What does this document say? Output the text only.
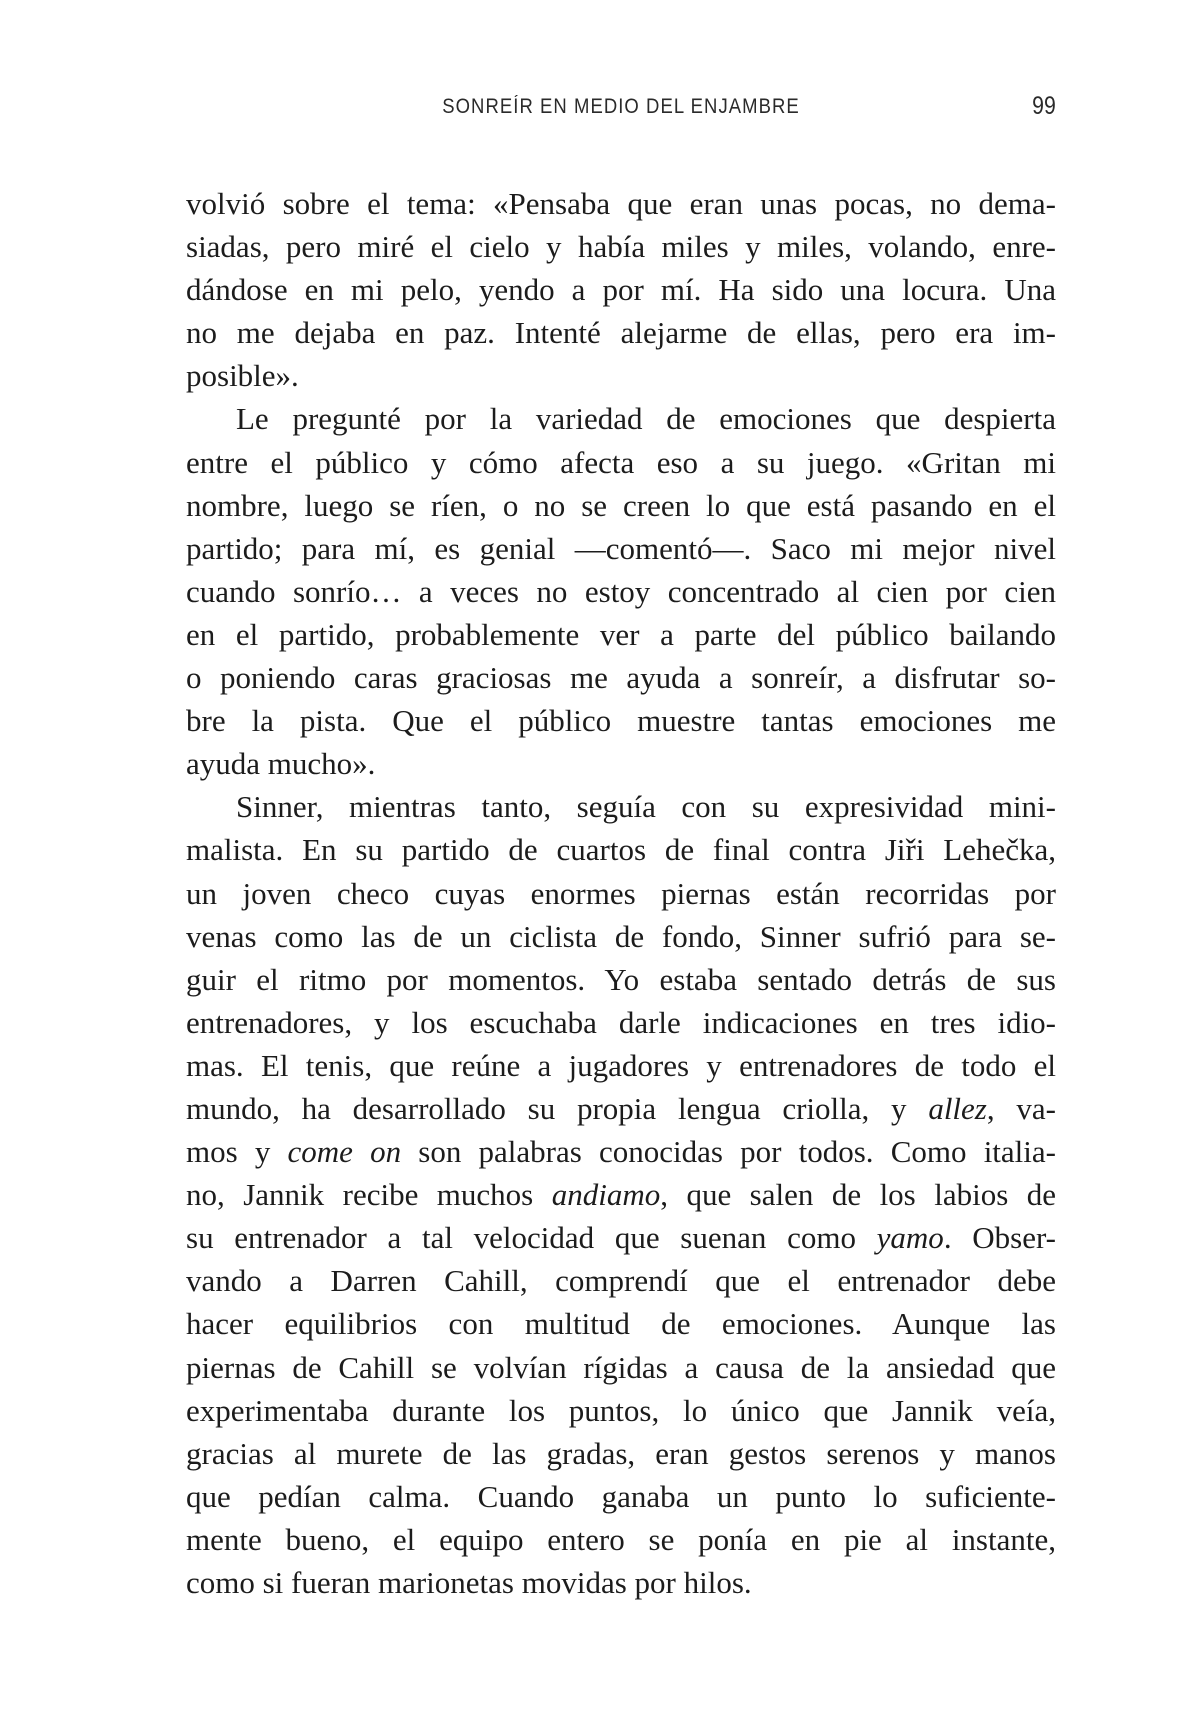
SONREÍR EN MEDIO DEL ENJAMBRE	99
volvió sobre el tema: «Pensaba que eran unas pocas, no dema-
siadas, pero miré el cielo y había miles y miles, volando, enre-
dándose en mi pelo, yendo a por mí. Ha sido una locura. Una
no me dejaba en paz. Intenté alejarme de ellas, pero era im-
posible».
Le pregunté por la variedad de emociones que despierta
entre el público y cómo afecta eso a su juego. «Gritan mi
nombre, luego se ríen, o no se creen lo que está pasando en el
partido; para mí, es genial —comentó—. Saco mi mejor nivel
cuando sonrío… a veces no estoy concentrado al cien por cien
en el partido, probablemente ver a parte del público bailando
o poniendo caras graciosas me ayuda a sonreír, a disfrutar so-
bre la pista. Que el público muestre tantas emociones me
ayuda mucho».
Sinner, mientras tanto, seguía con su expresividad mini-
malista. En su partido de cuartos de final contra Jiři Lehečka,
un joven checo cuyas enormes piernas están recorridas por
venas como las de un ciclista de fondo, Sinner sufrió para se-
guir el ritmo por momentos. Yo estaba sentado detrás de sus
entrenadores, y los escuchaba darle indicaciones en tres idio-
mas. El tenis, que reúne a jugadores y entrenadores de todo el
mundo, ha desarrollado su propia lengua criolla, y allez, va-
mos y come on son palabras conocidas por todos. Como italia-
no, Jannik recibe muchos andiamo, que salen de los labios de
su entrenador a tal velocidad que suenan como yamo. Obser-
vando a Darren Cahill, comprendí que el entrenador debe
hacer equilibrios con multitud de emociones. Aunque las
piernas de Cahill se volvían rígidas a causa de la ansiedad que
experimentaba durante los puntos, lo único que Jannik veía,
gracias al murete de las gradas, eran gestos serenos y manos
que pedían calma. Cuando ganaba un punto lo suficiente-
mente bueno, el equipo entero se ponía en pie al instante,
como si fueran marionetas movidas por hilos.
